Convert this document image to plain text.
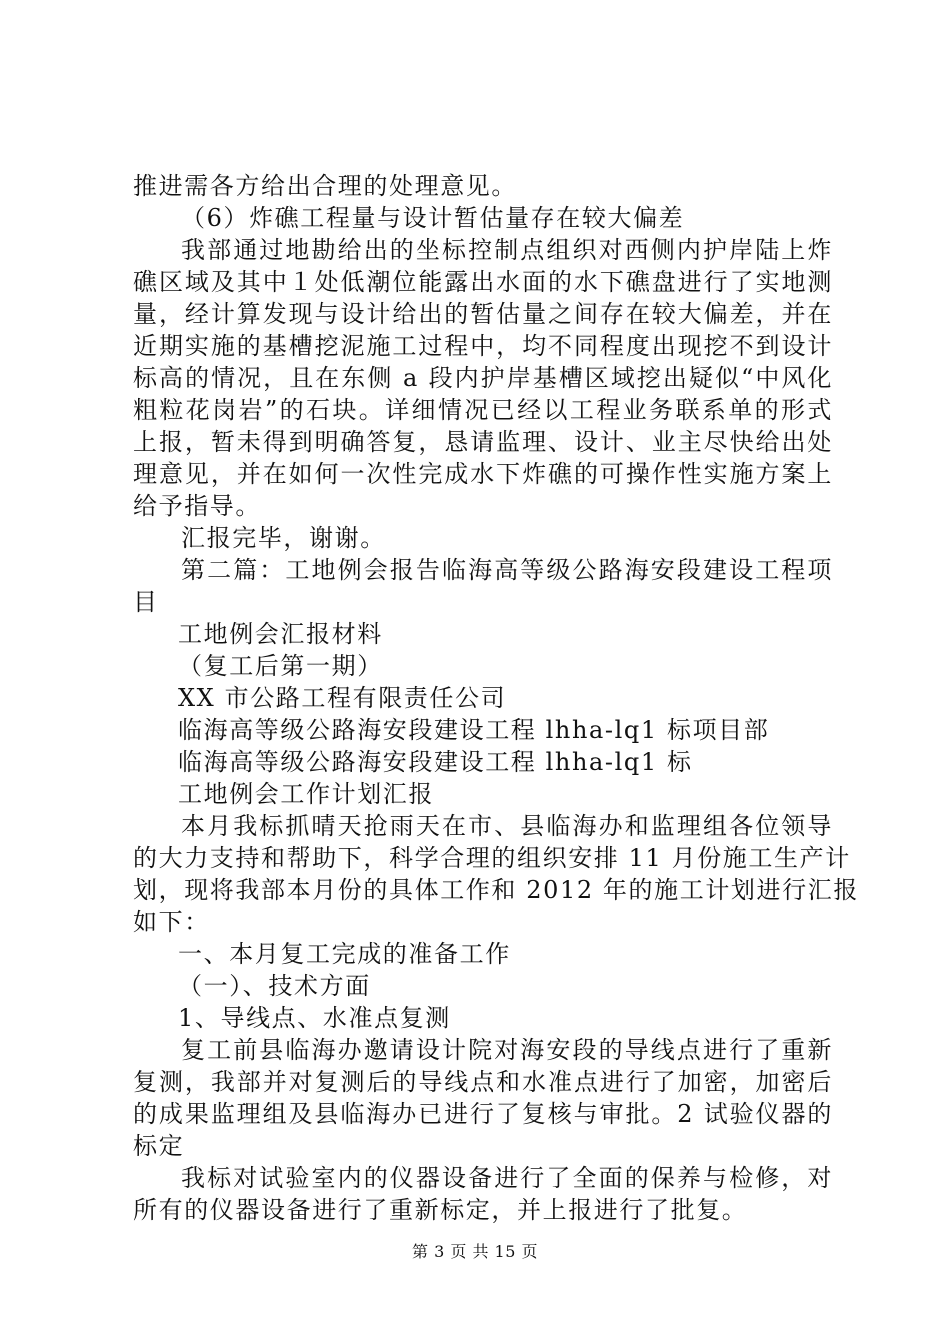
推进需各方给出合理的处理意见。
（6）炸礁工程量与设计暂估量存在较大偏差
我部通过地勘给出的坐标控制点组织对西侧内护岸陆上炸
礁区域及其中１处低潮位能露出水面的水下礁盘进行了实地测
量，经计算发现与设计给出的暂估量之间存在较大偏差，并在
近期实施的基槽挖泥施工过程中，均不同程度出现挖不到设计
标高的情况，且在东侧 a 段内护岸基槽区域挖出疑似“中风化
粗粒花岗岩”的石块。详细情况已经以工程业务联系单的形式
上报，暂未得到明确答复，恳请监理、设计、业主尽快给出处
理意见，并在如何一次性完成水下炸礁的可操作性实施方案上
给予指导。
汇报完毕，谢谢。
第二篇：工地例会报告临海高等级公路海安段建设工程项
目
工地例会汇报材料
（复工后第一期）
XX 市公路工程有限责任公司
临海高等级公路海安段建设工程 lhha-lq1 标项目部
临海高等级公路海安段建设工程 lhha-lq1 标
工地例会工作计划汇报
本月我标抓晴天抢雨天在市、县临海办和监理组各位领导
的大力支持和帮助下，科学合理的组织安排 11 月份施工生产计
划，现将我部本月份的具体工作和 2012 年的施工计划进行汇报
如下：
一、本月复工完成的准备工作
（一）、技术方面
1、导线点、水准点复测
复工前县临海办邀请设计院对海安段的导线点进行了重新
复测，我部并对复测后的导线点和水准点进行了加密，加密后
的成果监理组及县临海办已进行了复核与审批。2 试验仪器的
标定
我标对试验室内的仪器设备进行了全面的保养与检修，对
所有的仪器设备进行了重新标定，并上报进行了批复。
第 3 页 共 15 页
